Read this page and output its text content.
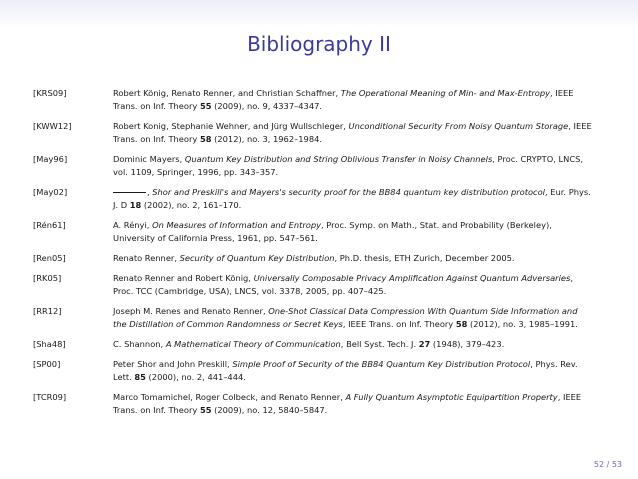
Bibliography II
[KRS09]	Robert König, Renato Renner, and Christian Schaffner, The Operational Meaning of Min- and Max-Entropy, IEEE Trans. on Inf. Theory 55 (2009), no. 9, 4337–4347.
[KWW12]	Robert Konig, Stephanie Wehner, and Jürg Wullschleger, Unconditional Security From Noisy Quantum Storage, IEEE Trans. on Inf. Theory 58 (2012), no. 3, 1962–1984.
[May96]	Dominic Mayers, Quantum Key Distribution and String Oblivious Transfer in Noisy Channels, Proc. CRYPTO, LNCS, vol. 1109, Springer, 1996, pp. 343–357.
[May02]	, Shor and Preskill's and Mayers's security proof for the BB84 quantum key distribution protocol, Eur. Phys. J. D 18 (2002), no. 2, 161–170.
[Rén61]	A. Rényi, On Measures of Information and Entropy, Proc. Symp. on Math., Stat. and Probability (Berkeley), University of California Press, 1961, pp. 547–561.
[Ren05]	Renato Renner, Security of Quantum Key Distribution, Ph.D. thesis, ETH Zurich, December 2005.
[RK05]	Renato Renner and Robert König, Universally Composable Privacy Amplification Against Quantum Adversaries, Proc. TCC (Cambridge, USA), LNCS, vol. 3378, 2005, pp. 407–425.
[RR12]	Joseph M. Renes and Renato Renner, One-Shot Classical Data Compression With Quantum Side Information and the Distillation of Common Randomness or Secret Keys, IEEE Trans. on Inf. Theory 58 (2012), no. 3, 1985–1991.
[Sha48]	C. Shannon, A Mathematical Theory of Communication, Bell Syst. Tech. J. 27 (1948), 379–423.
[SP00]	Peter Shor and John Preskill, Simple Proof of Security of the BB84 Quantum Key Distribution Protocol, Phys. Rev. Lett. 85 (2000), no. 2, 441–444.
[TCR09]	Marco Tomamichel, Roger Colbeck, and Renato Renner, A Fully Quantum Asymptotic Equipartition Property, IEEE Trans. on Inf. Theory 55 (2009), no. 12, 5840–5847.
52 / 53
